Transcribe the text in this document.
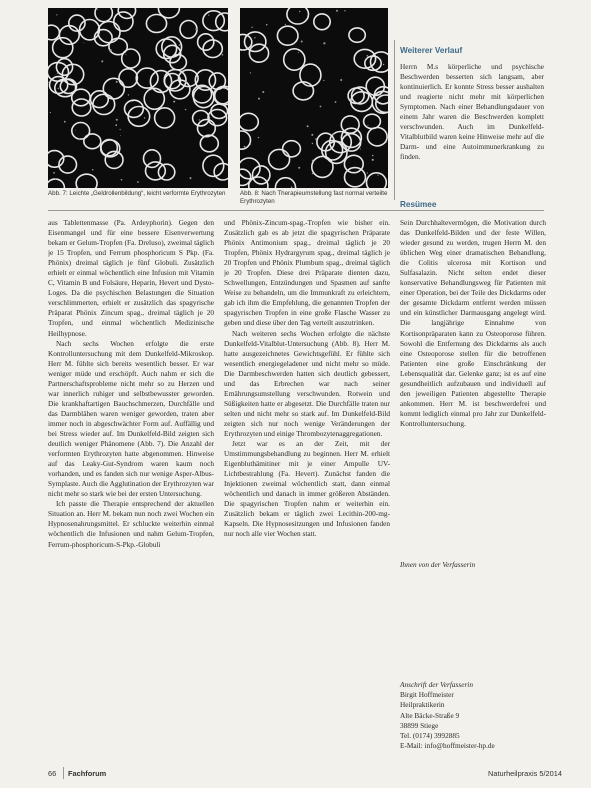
Abb. 7: Leichte „Geldrollenbildung“, leicht verformte Erythrozyten	Abb. 8: Nach Therapieumstellung fast normal verteilte Erythrozyten
Weiterer Verlauf

Herrn M.s körperliche und psychische Beschwerden besserten sich langsam, aber kontinuierlich. Er konnte Stress besser aushalten und reagierte nicht mehr mit körperlichen Symptomen. Nach einer Behandlungsdauer von einem Jahr waren die Beschwerden komplett verschwunden. Auch im Dunkelfeld-Vitalblutbild waren keine Hinweise mehr auf die Darm- und eine Autoimmunerkrankung zu finden.

aus Tablettenmasse (Pa. Ardeyphorin). Gegen den Eisenmangel und für eine bessere Eisenverwertung bekam er Gelum-Tropfen (Fa. Dreluso), zweimal täglich je 15 Tropfen, und Ferrum phosphoricum S Pkp. (Fa. Phönix) dreimal täglich je fünf Globuli. Zusätzlich erhielt er einmal wöchentlich eine Infusion mit Vitamin C, Vitamin B und Folsäure, Heparin, Hevert und Dysto-Loges. Da die psychischen Belastungen die Situation verschlimmerten, erhielt er zusätzlich das spagyrische Präparat Phönix Zincum spag., dreimal täglich je 20 Tropfen, und einmal wöchentlich Medizinische Heilhypnose.

Nach sechs Wochen erfolgte die erste Kontrolluntersuchung mit dem Dunkelfeld-Mikroskop. Herr M. fühlte sich bereits wesentlich besser. Er war weniger müde und erschöpft. Auch nahm er sich die Partnerschaftsprobleme nicht mehr so zu Herzen und war innerlich ruhiger und selbstbewusster geworden. Die krankhaftartigen Bauchschmerzen, Durchfälle und das Darmblähen waren weniger geworden, traten aber immer noch in abgeschwächter Form auf. Auffällig und bei Stress wieder auf. Im Dunkelfeld-Bild zeigten sich deutlich weniger Phänomene (Abb. 7). Die Anzahl der verformten Erythrozyten hatte abgenommen. Hinweise auf das Leaky-Gut-Syndrom waren kaum noch vorhanden, und es fanden sich nur wenige Asper-Albus-Symplaste. Auch die Agglutination der Erythrozyten war nicht mehr so stark wie bei der ersten Untersuchung.

Ich passte die Therapie entsprechend der aktuellen Situation an. Herr M. bekam nun noch zwei Wochen ein Hypnosenahrungsmittel. Er schluckte weiterhin einmal wöchentlich die Infusionen und nahm Gelum-Tropfen, Ferrum-phosphoricum-S-Pkp.-Globuli

und Phönix-Zincum-spag.-Tropfen wie bisher ein. Zusätzlich gab es ab jetzt die spagyrischen Präparate Phönix Antimonium spag., dreimal täglich je 20 Tropfen, Phönix Hydrargyrum spag., dreimal täglich je 20 Tropfen und Phönix Plumbum spag., dreimal täglich je 20 Tropfen. Diese drei Präparate dienten dazu, Schwellungen, Entzündungen und Spasmen auf sanfte Weise zu behandeln, um die Immunkraft zu erleichtern, gab ich ihm die Empfehlung, die genannten Tropfen der spagyrischen Tropfen in eine große Flasche Wasser zu geben und diese über den Tag verteilt auszutrinken.

Nach weiteren sechs Wochen erfolgte die nächste Dunkelfeld-Vitalblut-Untersuchung (Abb. 8). Herr M. hatte ausgezeichnetes Gewichtsgefühl. Er fühlte sich wesentlich energiegeladener und nicht mehr so müde. Die Darmbeschwerden hatten sich deutlich gebessert, und das Erbrechen war nach seiner Ernährungsumstellung verschwunden. Rotwein und Süßigkeiten hatte er abgesetzt. Die Durchfälle traten nur selten und nicht mehr so stark auf. Im Dunkelfeld-Bild zeigten sich nur noch wenige Veränderungen der Erythrozyten und einige Thrombozytenaggregationen.

Jetzt war es an der Zeit, mit der Umstimmungsbehandlung zu beginnen. Herr M. erhielt Eigenbluthämitiner mit je einer Ampulle UV-Lichtbestrahlung (Fa. Hevert). Zunächst fanden die Injektionen zweimal wöchentlich statt, dann einmal wöchentlich und danach in immer größeren Abständen. Die spagyrischen Tropfen nahm er weiterhin ein. Zusätzlich bekam er täglich zwei Lecithin-200-mg-Kapseln. Die Hypnosesitzungen und Infusionen fanden nur noch alle vier Wochen statt.

Resümee

Sein Durchhaltevermögen, die Motivation durch das Dunkelfeld-Bilden und der feste Willen, wieder gesund zu werden, trugen Herrn M. den üblichen Weg einer dramatischen Behandlung, die Colitis ulcerosa mit Kortison und Sulfasalazin. Nicht selten endet dieser konservative Behandlungsweg für Patienten mit einer Operation, bei der Teile des Dickdarms oder der gesamte Dickdarm entfernt werden müssen und ein künstlicher Darmausgang angelegt wird. Die langjährige Einnahme von Kortisonpräparaten kann zu Osteoporose führen. Sowohl die Entfernung des Dickdarms als auch eine Osteoporose stellen für die betroffenen Patienten eine große Einschränkung der Lebensqualität dar. Gelenke ganz; ist es auf eine gesundheitlich aufzubauen und individuell auf den jeweiligen Patienten abgestellte Therapie ankommen. Herr M. ist beschwerdefrei und kommt lediglich einmal pro Jahr zur Dunkelfeld-Kontrolluntersuchung.

Ihnen von der Verfasserin
Anschrift der Verfasserin
Birgit Hoffmeister
Heilpraktikerin
Alte Bäcke-Straße 9
38899 Stiege
Tel. (0174) 3992885
E-Mail: info@hoffmeister-hp.de
66 Fachforum	Naturheilpraxis 5/2014
